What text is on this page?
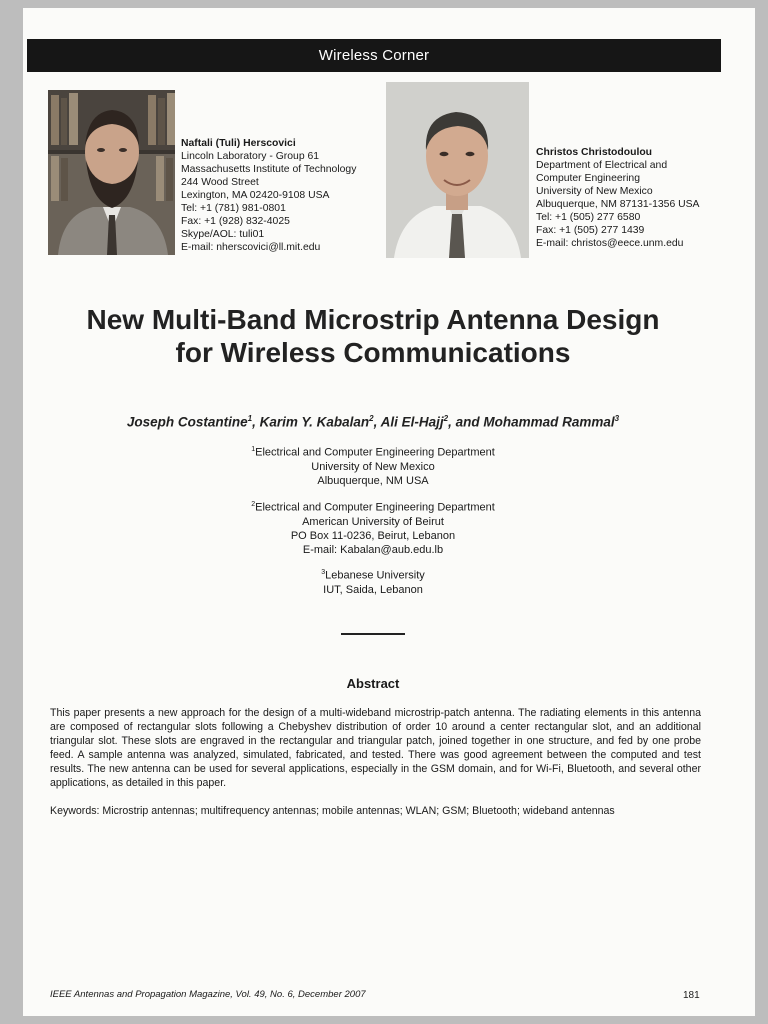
Wireless Corner
Naftali (Tuli) Herscovici
Lincoln Laboratory - Group 61
Massachusetts Institute of Technology
244 Wood Street
Lexington, MA 02420-9108 USA
Tel: +1 (781) 981-0801
Fax: +1 (928) 832-4025
Skype/AOL: tuli01
E-mail: nherscovici@ll.mit.edu
Christos Christodoulou
Department of Electrical and
Computer Engineering
University of New Mexico
Albuquerque, NM 87131-1356 USA
Tel: +1 (505) 277 6580
Fax: +1 (505) 277 1439
E-mail: christos@eece.unm.edu
New Multi-Band Microstrip Antenna Design
for Wireless Communications
Joseph Costantine$^1$, Karim Y. Kabalan$^2$, Ali El-Hajj$^2$, and Mohammad Rammal$^3$
$^1$Electrical and Computer Engineering Department
University of New Mexico
Albuquerque, NM USA
$^2$Electrical and Computer Engineering Department
American University of Beirut
PO Box 11-0236, Beirut, Lebanon
E-mail: Kabalan@aub.edu.lb
$^3$Lebanese University
IUT, Saida, Lebanon
Abstract
This paper presents a new approach for the design of a multi-wideband microstrip-patch antenna. The radiating elements in this antenna are composed of rectangular slots following a Chebyshev distribution of order 10 around a center rectangular slot, and an additional triangular slot. These slots are engraved in the rectangular and triangular patch, joined together in one structure, and fed by one probe feed. A sample antenna was analyzed, simulated, fabricated, and tested. There was good agreement between the computed and test results. The new antenna can be used for several applications, especially in the GSM domain, and for Wi-Fi, Bluetooth, and several other applications, as detailed in this paper.
Keywords: Microstrip antennas; multifrequency antennas; mobile antennas; WLAN; GSM; Bluetooth; wideband antennas
IEEE Antennas and Propagation Magazine, Vol. 49, No. 6, December 2007	181
